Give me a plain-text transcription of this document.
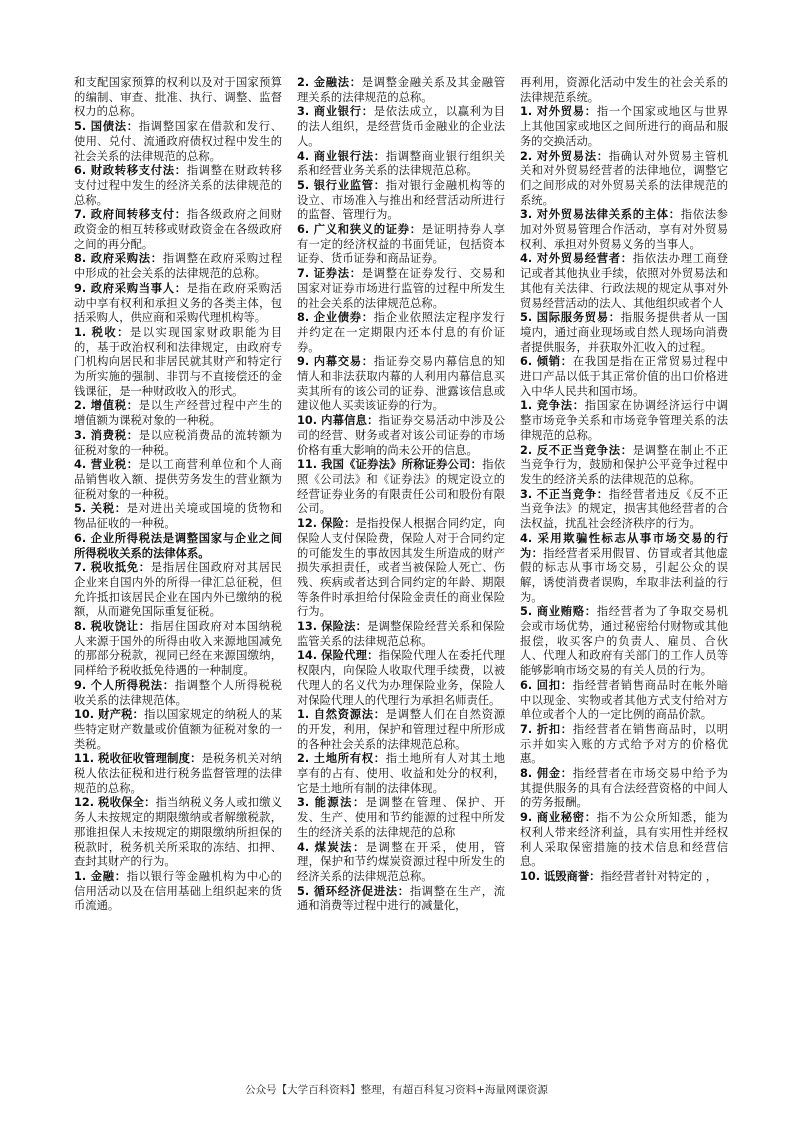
和支配国家预算的权利以及对于国家预算的编制、审查、批准、执行、调整、监督权力的总称。

5. 国债法：指调整国家在借款和发行、使用、兑付、流通政府债权过程中发生的社会关系的法律规范的总称。

6. 财政转移支付法：指调整在财政转移支付过程中发生的经济关系的法律规范的总称。

7. 政府间转移支付：指各级政府之间财政资金的相互转移或财政资金在各级政府之间的再分配。

8. 政府采购法：指调整在政府采购过程中形成的社会关系的法律规范的总称。

9. 政府采购当事人：是指在政府采购活动中享有权利和承担义务的各类主体，包括采购人，供应商和采购代理机构等。

1. 税收：是以实现国家财政职能为目的，基于政治权利和法律规定，由政府专门机构向居民和非居民就其财产和特定行为所实施的强制、非罚与不直接偿还的金钱课征，是一种财政收入的形式。

2. 增值税：是以生产经营过程中产生的增值额为课税对象的一种税。

3. 消费税：是以应税消费品的流转额为征税对象的一种税。

4. 营业税：是以工商营利单位和个人商品销售收入额、提供劳务发生的营业额为征税对象的一种税。

5. 关税：是对进出关境或国境的货物和物品征收的一种税。

6. 企业所得税法是调整国家与企业之间所得税收关系的法律体系。

7. 税收抵免：是指居住国政府对其居民企业来自国内外的所得一律汇总征税，但允许抵扣该居民企业在国内外已缴纳的税额，从而避免国际重复征税。

8. 税收饶让：指居住国政府对本国纳税人来源于国外的所得由收入来源地国减免的那部分税款，视同已经在来源国缴纳，同样给予税收抵免待遇的一种制度。

9. 个人所得税法：指调整个人所得税税收关系的法律规范体。

10. 财产税：指以国家规定的纳税人的某些特定财产数量或价值额为征税对象的一类税。

11. 税收征收管理制度：是税务机关对纳税人依法征税和进行税务监督管理的法律规范的总称。

12. 税收保全：指当纳税义务人或扣缴义务人未按规定的期限缴纳或者解缴税款，那谁担保人未按规定的期限缴纳所担保的税款时，税务机关所采取的冻结、扣押、查封其财产的行为。

1. 金融：指以银行等金融机构为中心的信用活动以及在信用基础上组织起来的货币流通。

2. 金融法：是调整金融关系及其金融管理关系的法律规范的总称。

3. 商业银行：是依法成立，以赢利为目的法人组织，是经营货币金融业的企业法人。

4. 商业银行法：指调整商业银行组织关系和经营业务关系的法律规范总称。

5. 银行业监管：指对银行金融机构等的设立、市场准入与推出和经营活动所进行的监督、管理行为。

6. 广义和狭义的证券：是证明持券人享有一定的经济权益的书面凭证，包括资本证券、货币证券和商品证券。

7. 证券法：是调整在证券发行、交易和国家对证券市场进行监管的过程中所发生的社会关系的法律规范总称。

8. 企业债券：指企业依照法定程序发行并约定在一定期限内还本付息的有价证券。

9. 内幕交易：指证券交易内幕信息的知情人和非法获取内幕的人利用内幕信息买卖其所有的该公司的证券、泄露该信息或建议他人买卖该证券的行为。

10. 内幕信息：指证券交易活动中涉及公司的经营、财务或者对该公司证券的市场价格有重大影响的尚未公开的信息。

11. 我国《证券法》所称证券公司：指依照《公司法》和《证券法》的规定设立的经营证券业务的有限责任公司和股份有限公司。

12. 保险：是指投保人根据合同约定，向保险人支付保险费，保险人对于合同约定的可能发生的事故因其发生所造成的财产损失承担责任，或者当被保险人死亡、伤残、疾病或者达到合同约定的年龄、期限等条件时承担给付保险金责任的商业保险行为。

13. 保险法：是调整保险经营关系和保险监管关系的法律规范总称。

14. 保险代理：指保险代理人在委托代理权限内，向保险人收取代理手续费，以被代理人的名义代为办理保险业务，保险人对保险代理人的代理行为承担名师责任。

1. 自然资源法：是调整人们在自然资源的开发，利用，保护和管理过程中所形成的各种社会关系的法律规范总称。

2. 土地所有权：指土地所有人对其土地享有的占有、使用、收益和处分的权利，它是土地所有制的法律体现。

3. 能源法：是调整在管理、保护、开发、生产、使用和节约能源的过程中所发生的经济关系的法律规范的总称

4. 煤炭法：是调整在开采，使用，管理，保护和节约煤炭资源过程中所发生的经济关系的法律规范总称。

5. 循环经济促进法：指调整在生产，流通和消费等过程中进行的减量化，

再利用，资源化活动中发生的社会关系的法律规范系统。

1. 对外贸易：指一个国家或地区与世界上其他国家或地区之间所进行的商品和服务的交换活动。

2. 对外贸易法：指确认对外贸易主管机关和对外贸易经营者的法律地位，调整它们之间形成的对外贸易关系的法律规范的系统。

3. 对外贸易法律关系的主体：指依法参加对外贸易管理合作活动，享有对外贸易权利、承担对外贸易义务的当事人。

4. 对外贸易经营者：指依法办理工商登记或者其他执业手续，依照对外贸易法和其他有关法律、行政法规的规定从事对外贸易经营活动的法人、其他组织或者个人

5. 国际服务贸易：指服务提供者从一国境内，通过商业现场或自然人现场向消费者提供服务，并获取外汇收入的过程。

6. 倾销：在我国是指在正常贸易过程中进口产品以低于其正常价值的出口价格进入中华人民共和国市场。

1. 竞争法：指国家在协调经济运行中调整市场竞争关系和市场竞争管理关系的法律规范的总称。

2. 反不正当竞争法：是调整在制止不正当竞争行为，鼓励和保护公平竞争过程中发生的经济关系的法律规范的总称。

3. 不正当竞争：指经营者违反《反不正当竞争法》的规定，损害其他经营者的合法权益，扰乱社会经济秩序的行为。

4. 采用欺骗性标志从事市场交易的行为：指经营者采用假冒、仿冒或者其他虚假的标志从事市场交易，引起公众的误解，诱使消费者误购，牟取非法利益的行为。

5. 商业贿赂：指经营者为了争取交易机会或市场优势，通过秘密给付财物或其他报偿，收买客户的负责人、雇员、合伙人、代理人和政府有关部门的工作人员等能够影响市场交易的有关人员的行为。

6. 回扣：指经营者销售商品时在帐外暗中以现金、实物或者其他方式支付给对方单位或者个人的一定比例的商品价款。

7. 折扣：指经营者在销售商品时，以明示并如实入账的方式给予对方的价格优惠。

8. 佣金：指经营者在市场交易中给予为其提供服务的具有合法经营资格的中间人的劳务报酬。

9. 商业秘密：指不为公众所知悉，能为权利人带来经济利益，具有实用性并经权利人采取保密措施的技术信息和经营信息。

10. 诋毁商誉：指经营者针对特定的 ，

公众号【大学百科资料】整理，有超百科复习资料+海量网课资源
